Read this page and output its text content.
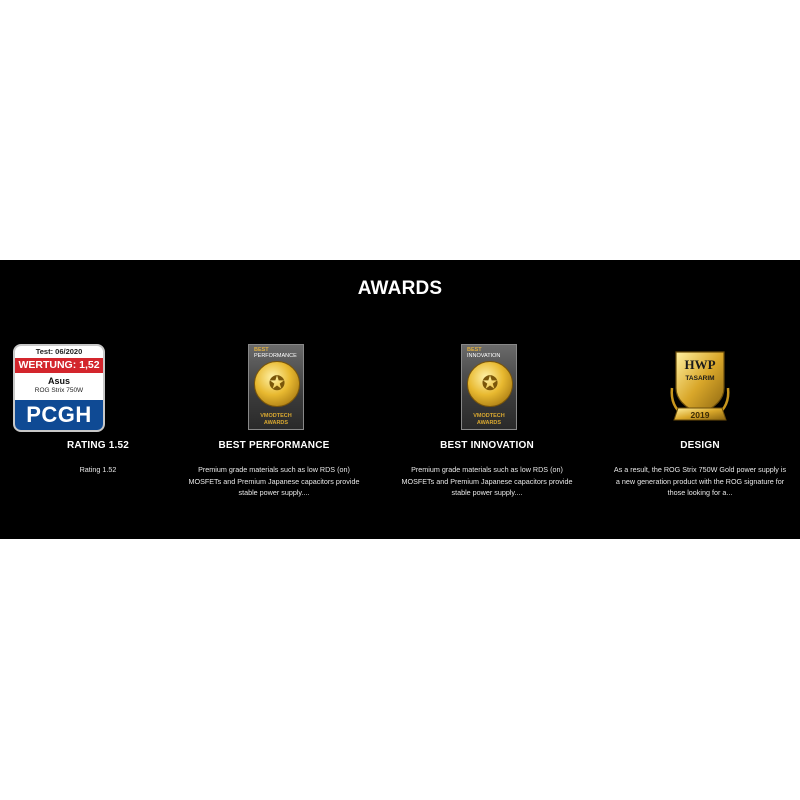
AWARDS
Test: 06/2020
WERTUNG: 1,52
Asus
ROG Strix 750W
PCGH
RATING 1.52
Rating 1.52
BEST
PERFORMANCE
✪
VMODTECH
AWARDS
BEST PERFORMANCE
Premium grade materials such as low RDS (on) MOSFETs and Premium Japanese capacitors provide stable power supply....
BEST
INNOVATION
✪
VMODTECH
AWARDS
BEST INNOVATION
Premium grade materials such as low RDS (on) MOSFETs and Premium Japanese capacitors provide stable power supply....
HWP
TASARIM
2019
DESIGN
As a result, the ROG Strix 750W Gold power supply is a new generation product with the ROG signature for those looking for a...
